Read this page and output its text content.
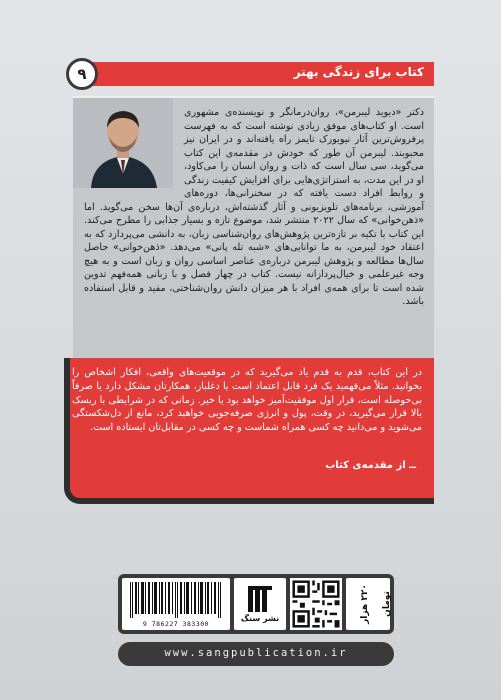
کتاب برای زندگی بهتر
۹
دکتر «دیوید لیبرمن»، روان‌درمانگر و نویسنده‌ی مشهوری است. او کتاب‌های موفق زیادی نوشته است که به فهرست پرفروش‌ترین آثار نیویورک تایمز راه یافته‌اند و در ایران نیز محبوبند. لیبرمن آن طور که خودش در مقدمه‌ی این کتاب می‌گوید، سی سال است که ذات و روان انسان را می‌کاود، او در این مدت، به استراتژی‌هایی برای افزایش کیفیت زندگی و روابط افراد دست یافته که در سخنرانی‌ها، دوره‌های آموزشی، برنامه‌های تلویزیونی و آثار گذشته‌اش، درباره‌ی آن‌ها سخن می‌گوید. اما «ذهن‌خوانی» که سال ۲۰۲۲ منتشر شد، موضوع تازه و بسیار جذابی را مطرح می‌کند. این کتاب با تکیه بر تازه‌ترین پژوهش‌های روان‌شناسی زبان، به دانشی می‌پردازد که به اعتقاد خود لیبرمن، به ما توانایی‌های «شبه تله پاتی» می‌دهد. «ذهن‌خوانی» حاصل سال‌ها مطالعه و پژوهش لیبرمن درباره‌ی عناصر اساسی روان و زبان است و به هیچ وجه غیرعلمی و خیال‌پردازانه نیست. کتاب در چهار فصل و با زبانی همه‌فهم تدوین شده است تا برای همه‌ی افراد با هر میزان دانش روان‌شناختی، مفید و قابل استفاده باشد.
در این کتاب، قدم به قدم یاد می‌گیرید که در موقعیت‌های واقعی، افکار اشخاص را بخوانید. مثلاً می‌فهمید یک فرد قابل اعتماد است یا دغلباز، همکارتان مشکل دارد یا صرفاً بی‌حوصله است، قرار اول موفقیت‌آمیز خواهد بود یا خیر. زمانی که در شرایطی با ریسک بالا قرار می‌گیرید، در وقت، پول و انرژی صرفه‌جویی خواهید کرد، مانع از دل‌شکستگی می‌شوید و می‌دانید چه کسی همراه شماست و چه کسی در مقابل‌تان ایستاده است.
ــ از مقدمه‌ی کتاب
9 786227 383300
نشر سنگ	۲۲۰ هزار تومان
www.sangpublication.ir
